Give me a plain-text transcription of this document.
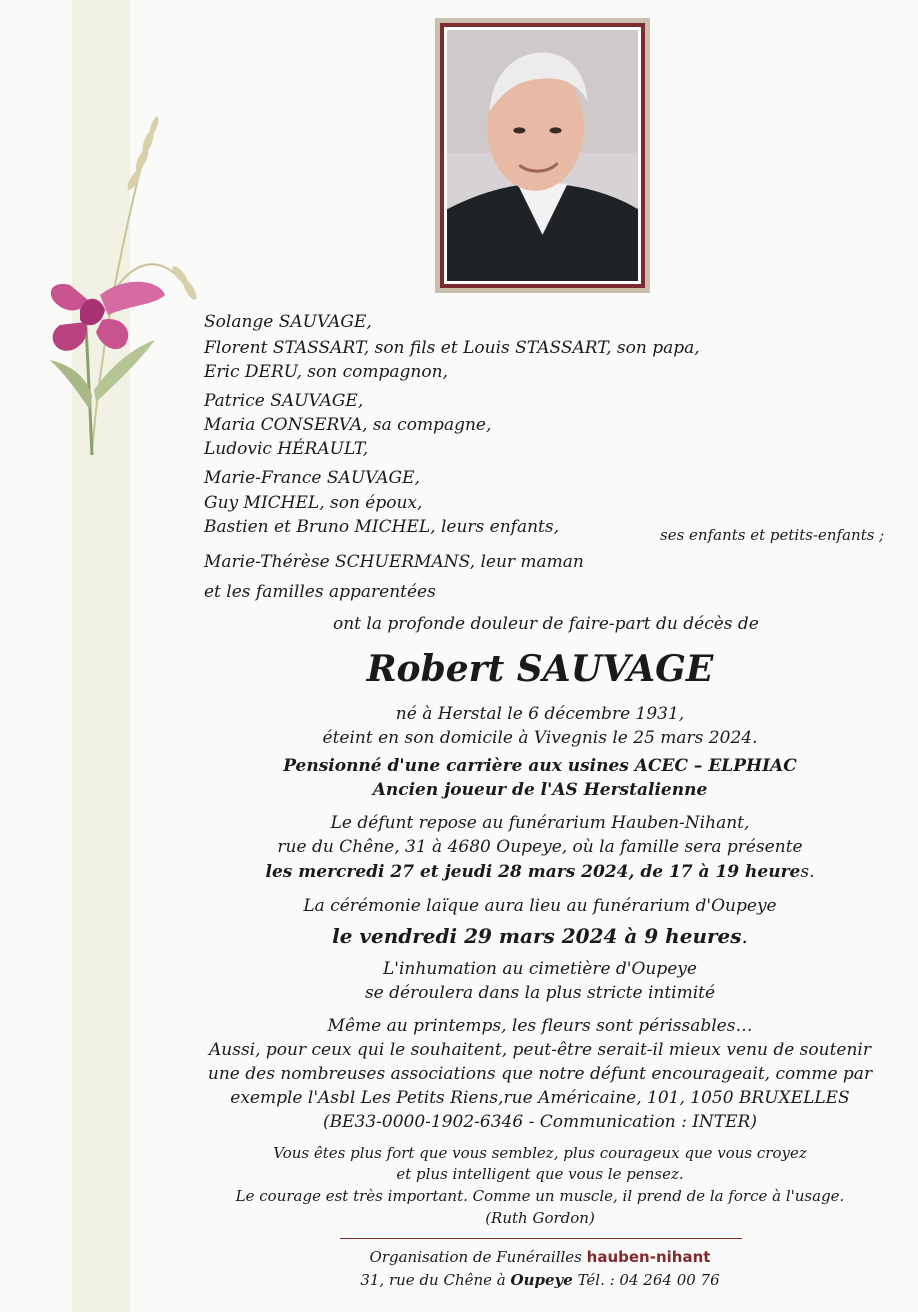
Solange SAUVAGE,
Florent STASSART, son fils et Louis STASSART, son papa,
Eric DERU, son compagnon,
Patrice SAUVAGE,
Maria CONSERVA, sa compagne,
Ludovic HÉRAULT,
Marie-France SAUVAGE,
Guy MICHEL, son époux,
Bastien et Bruno MICHEL, leurs enfants,	ses enfants et petits-enfants ;
Marie-Thérèse SCHUERMANS, leur maman
et les familles apparentées
ont la profonde douleur de faire-part du décès de
Robert SAUVAGE
né à Herstal le 6 décembre 1931,
éteint en son domicile à Vivegnis le 25 mars 2024.
Pensionné d'une carrière aux usines ACEC – ELPHIAC
Ancien joueur de l'AS Herstalienne
Le défunt repose au funérarium Hauben-Nihant,
rue du Chêne, 31 à 4680 Oupeye, où la famille sera présente
les mercredi 27 et jeudi 28 mars 2024, de 17 à 19 heures.
La cérémonie laïque aura lieu au funérarium d'Oupeye
le vendredi 29 mars 2024 à 9 heures.
L'inhumation au cimetière d'Oupeye
se déroulera dans la plus stricte intimité
Même au printemps, les fleurs sont périssables…
Aussi, pour ceux qui le souhaitent, peut-être serait-il mieux venu de soutenir
une des nombreuses associations que notre défunt encourageait, comme par
exemple l'Asbl Les Petits Riens,rue Américaine, 101, 1050 BRUXELLES
(BE33-0000-1902-6346 - Communication : INTER)
Vous êtes plus fort que vous semblez, plus courageux que vous croyez
et plus intelligent que vous le pensez.
Le courage est très important. Comme un muscle, il prend de la force à l'usage.
(Ruth Gordon)
Organisation de Funérailles hauben-nihant
31, rue du Chêne à Oupeye Tél. : 04 264 00 76
